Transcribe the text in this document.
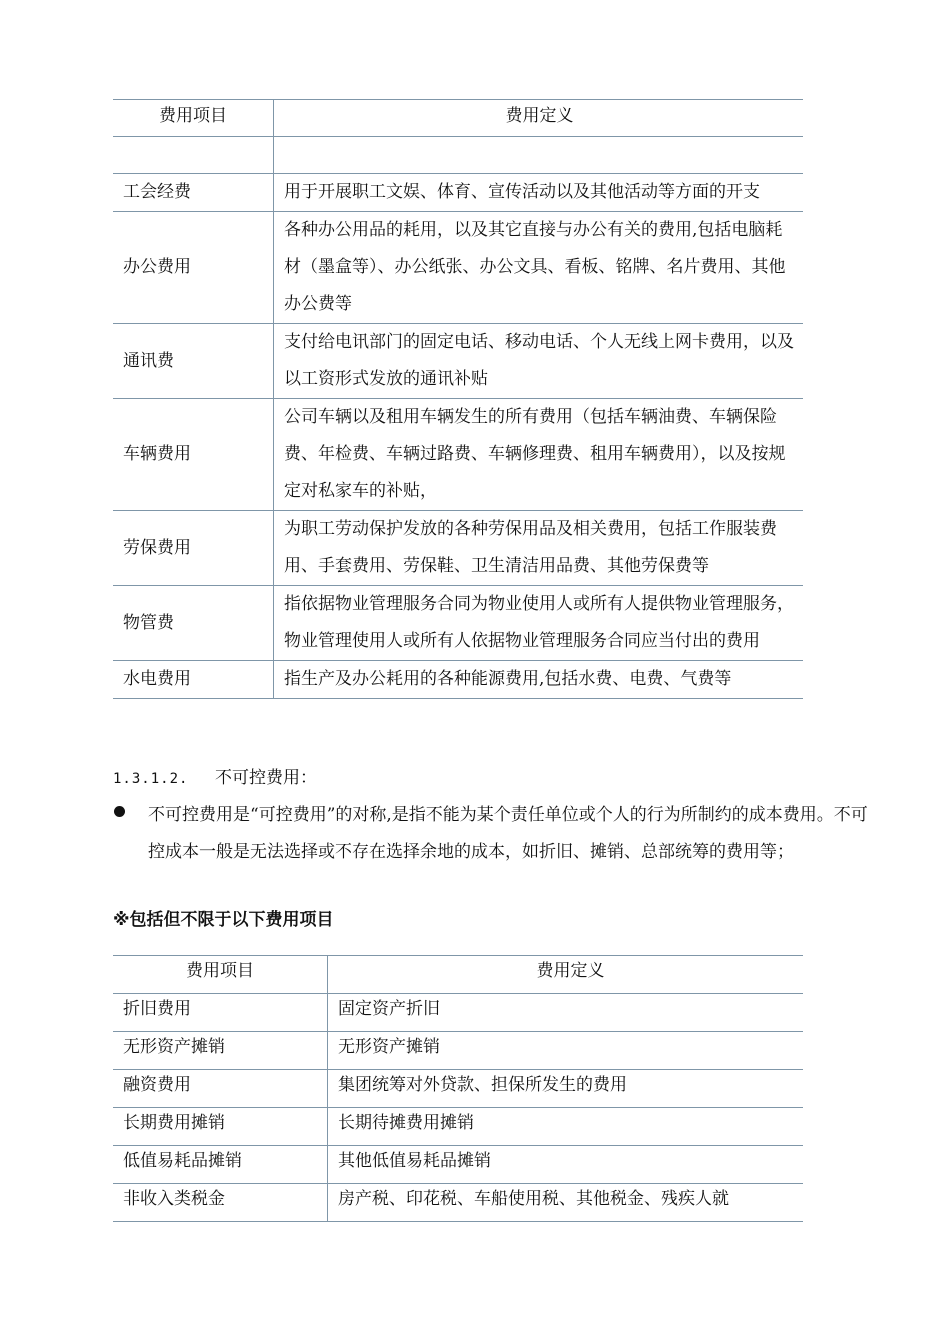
费用项目	费用定义

工会经费	用于开展职工文娱、体育、宣传活动以及其他活动等方面的开支
办公费用	各种办公用品的耗用，以及其它直接与办公有关的费用,包括电脑耗材（墨盒等）、办公纸张、办公文具、看板、铭牌、名片费用、其他办公费等
通讯费	支付给电讯部门的固定电话、移动电话、个人无线上网卡费用，以及以工资形式发放的通讯补贴
车辆费用	公司车辆以及租用车辆发生的所有费用（包括车辆油费、车辆保险费、年检费、车辆过路费、车辆修理费、租用车辆费用），以及按规定对私家车的补贴，
劳保费用	为职工劳动保护发放的各种劳保用品及相关费用，包括工作服装费用、手套费用、劳保鞋、卫生清洁用品费、其他劳保费等
物管费	指依据物业管理服务合同为物业使用人或所有人提供物业管理服务，物业管理使用人或所有人依据物业管理服务合同应当付出的费用
水电费用	指生产及办公耗用的各种能源费用,包括水费、电费、气费等
1.3.1.2. 不可控费用：
不可控费用是“可控费用”的对称,是指不能为某个责任单位或个人的行为所制约的成本费用。不可控成本一般是无法选择或不存在选择余地的成本，如折旧、摊销、总部统筹的费用等；
※包括但不限于以下费用项目
费用项目	费用定义
折旧费用	固定资产折旧
无形资产摊销	无形资产摊销
融资费用	集团统筹对外贷款、担保所发生的费用
长期费用摊销	长期待摊费用摊销
低值易耗品摊销	其他低值易耗品摊销
非收入类税金	房产税、印花税、车船使用税、其他税金、残疾人就
